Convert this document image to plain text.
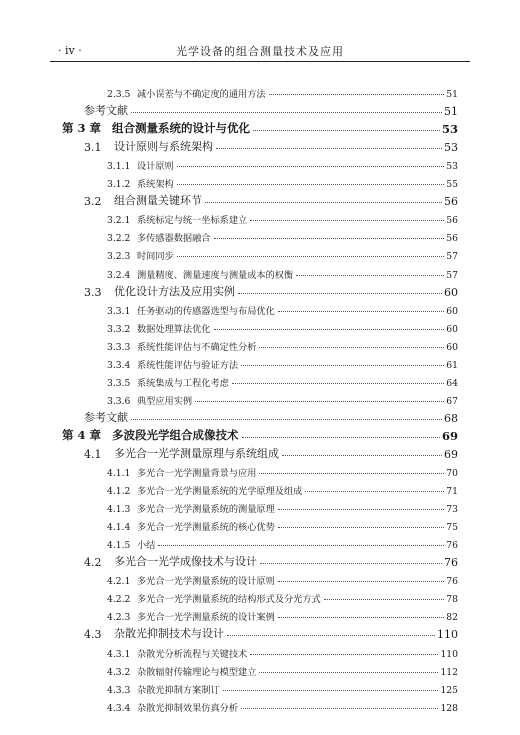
· iv ·	光学设备的组合测量技术及应用
2.3.5 减小误差与不确定度的通用方法	51
参考文献	51
第 3 章 组合测量系统的设计与优化	53
3.1	设计原则与系统架构	53
3.1.1 设计原则	53
3.1.2 系统架构	55
3.2	组合测量关键环节	56
3.2.1 系统标定与统一坐标系建立	56
3.2.2 多传感器数据融合	56
3.2.3 时间同步	57
3.2.4 测量精度、测量速度与测量成本的权衡	57
3.3	优化设计方法及应用实例	60
3.3.1 任务驱动的传感器选型与布局优化	60
3.3.2 数据处理算法优化	60
3.3.3 系统性能评估与不确定性分析	60
3.3.4 系统性能评估与验证方法	61
3.3.5 系统集成与工程化考虑	64
3.3.6 典型应用实例	67
参考文献	68
第 4 章 多波段光学组合成像技术	69
4.1	多光合一光学测量原理与系统组成	69
4.1.1 多光合一光学测量背景与应用	70
4.1.2 多光合一光学测量系统的光学原理及组成	71
4.1.3 多光合一光学测量系统的测量原理	73
4.1.4 多光合一光学测量系统的核心优势	75
4.1.5 小结	76
4.2	多光合一光学成像技术与设计	76
4.2.1 多光合一光学测量系统的设计原则	76
4.2.2 多光合一光学测量系统的结构形式及分光方式	78
4.2.3 多光合一光学测量系统的设计案例	82
4.3	杂散光抑制技术与设计	110
4.3.1 杂散光分析流程与关键技术	110
4.3.2 杂散辐射传输理论与模型建立	112
4.3.3 杂散光抑制方案制订	125
4.3.4 杂散光抑制效果仿真分析	128
